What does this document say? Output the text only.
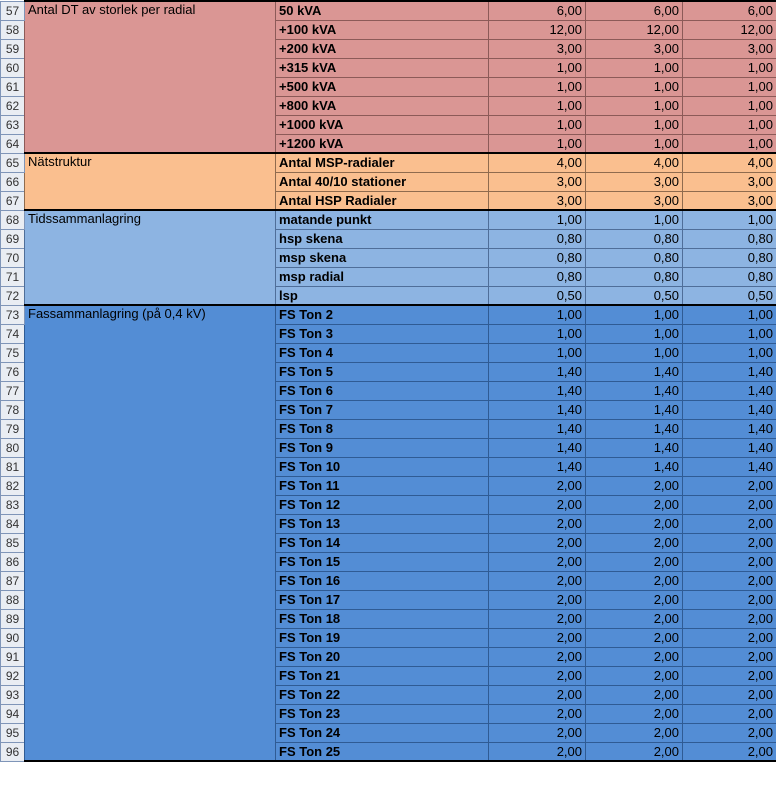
57	Antal DT av storlek per radial	50 kVA	6,00	6,00	6,00
58		+100 kVA	12,00	12,00	12,00
59		+200 kVA	3,00	3,00	3,00
60		+315 kVA	1,00	1,00	1,00
61		+500 kVA	1,00	1,00	1,00
62		+800 kVA	1,00	1,00	1,00
63		+1000 kVA	1,00	1,00	1,00
64		+1200 kVA	1,00	1,00	1,00
65	Nätstruktur	Antal MSP-radialer	4,00	4,00	4,00
66		Antal 40/10 stationer	3,00	3,00	3,00
67		Antal HSP Radialer	3,00	3,00	3,00
68	Tidssammanlagring	matande punkt	1,00	1,00	1,00
69		hsp skena	0,80	0,80	0,80
70		msp skena	0,80	0,80	0,80
71		msp radial	0,80	0,80	0,80
72		lsp	0,50	0,50	0,50
73	Fassammanlagring (på 0,4 kV)	FS Ton 2	1,00	1,00	1,00
74		FS Ton 3	1,00	1,00	1,00
75		FS Ton 4	1,00	1,00	1,00
76		FS Ton 5	1,40	1,40	1,40
77		FS Ton 6	1,40	1,40	1,40
78		FS Ton 7	1,40	1,40	1,40
79		FS Ton 8	1,40	1,40	1,40
80		FS Ton 9	1,40	1,40	1,40
81		FS Ton 10	1,40	1,40	1,40
82		FS Ton 11	2,00	2,00	2,00
83		FS Ton 12	2,00	2,00	2,00
84		FS Ton 13	2,00	2,00	2,00
85		FS Ton 14	2,00	2,00	2,00
86		FS Ton 15	2,00	2,00	2,00
87		FS Ton 16	2,00	2,00	2,00
88		FS Ton 17	2,00	2,00	2,00
89		FS Ton 18	2,00	2,00	2,00
90		FS Ton 19	2,00	2,00	2,00
91		FS Ton 20	2,00	2,00	2,00
92		FS Ton 21	2,00	2,00	2,00
93		FS Ton 22	2,00	2,00	2,00
94		FS Ton 23	2,00	2,00	2,00
95		FS Ton 24	2,00	2,00	2,00
96		FS Ton 25	2,00	2,00	2,00
